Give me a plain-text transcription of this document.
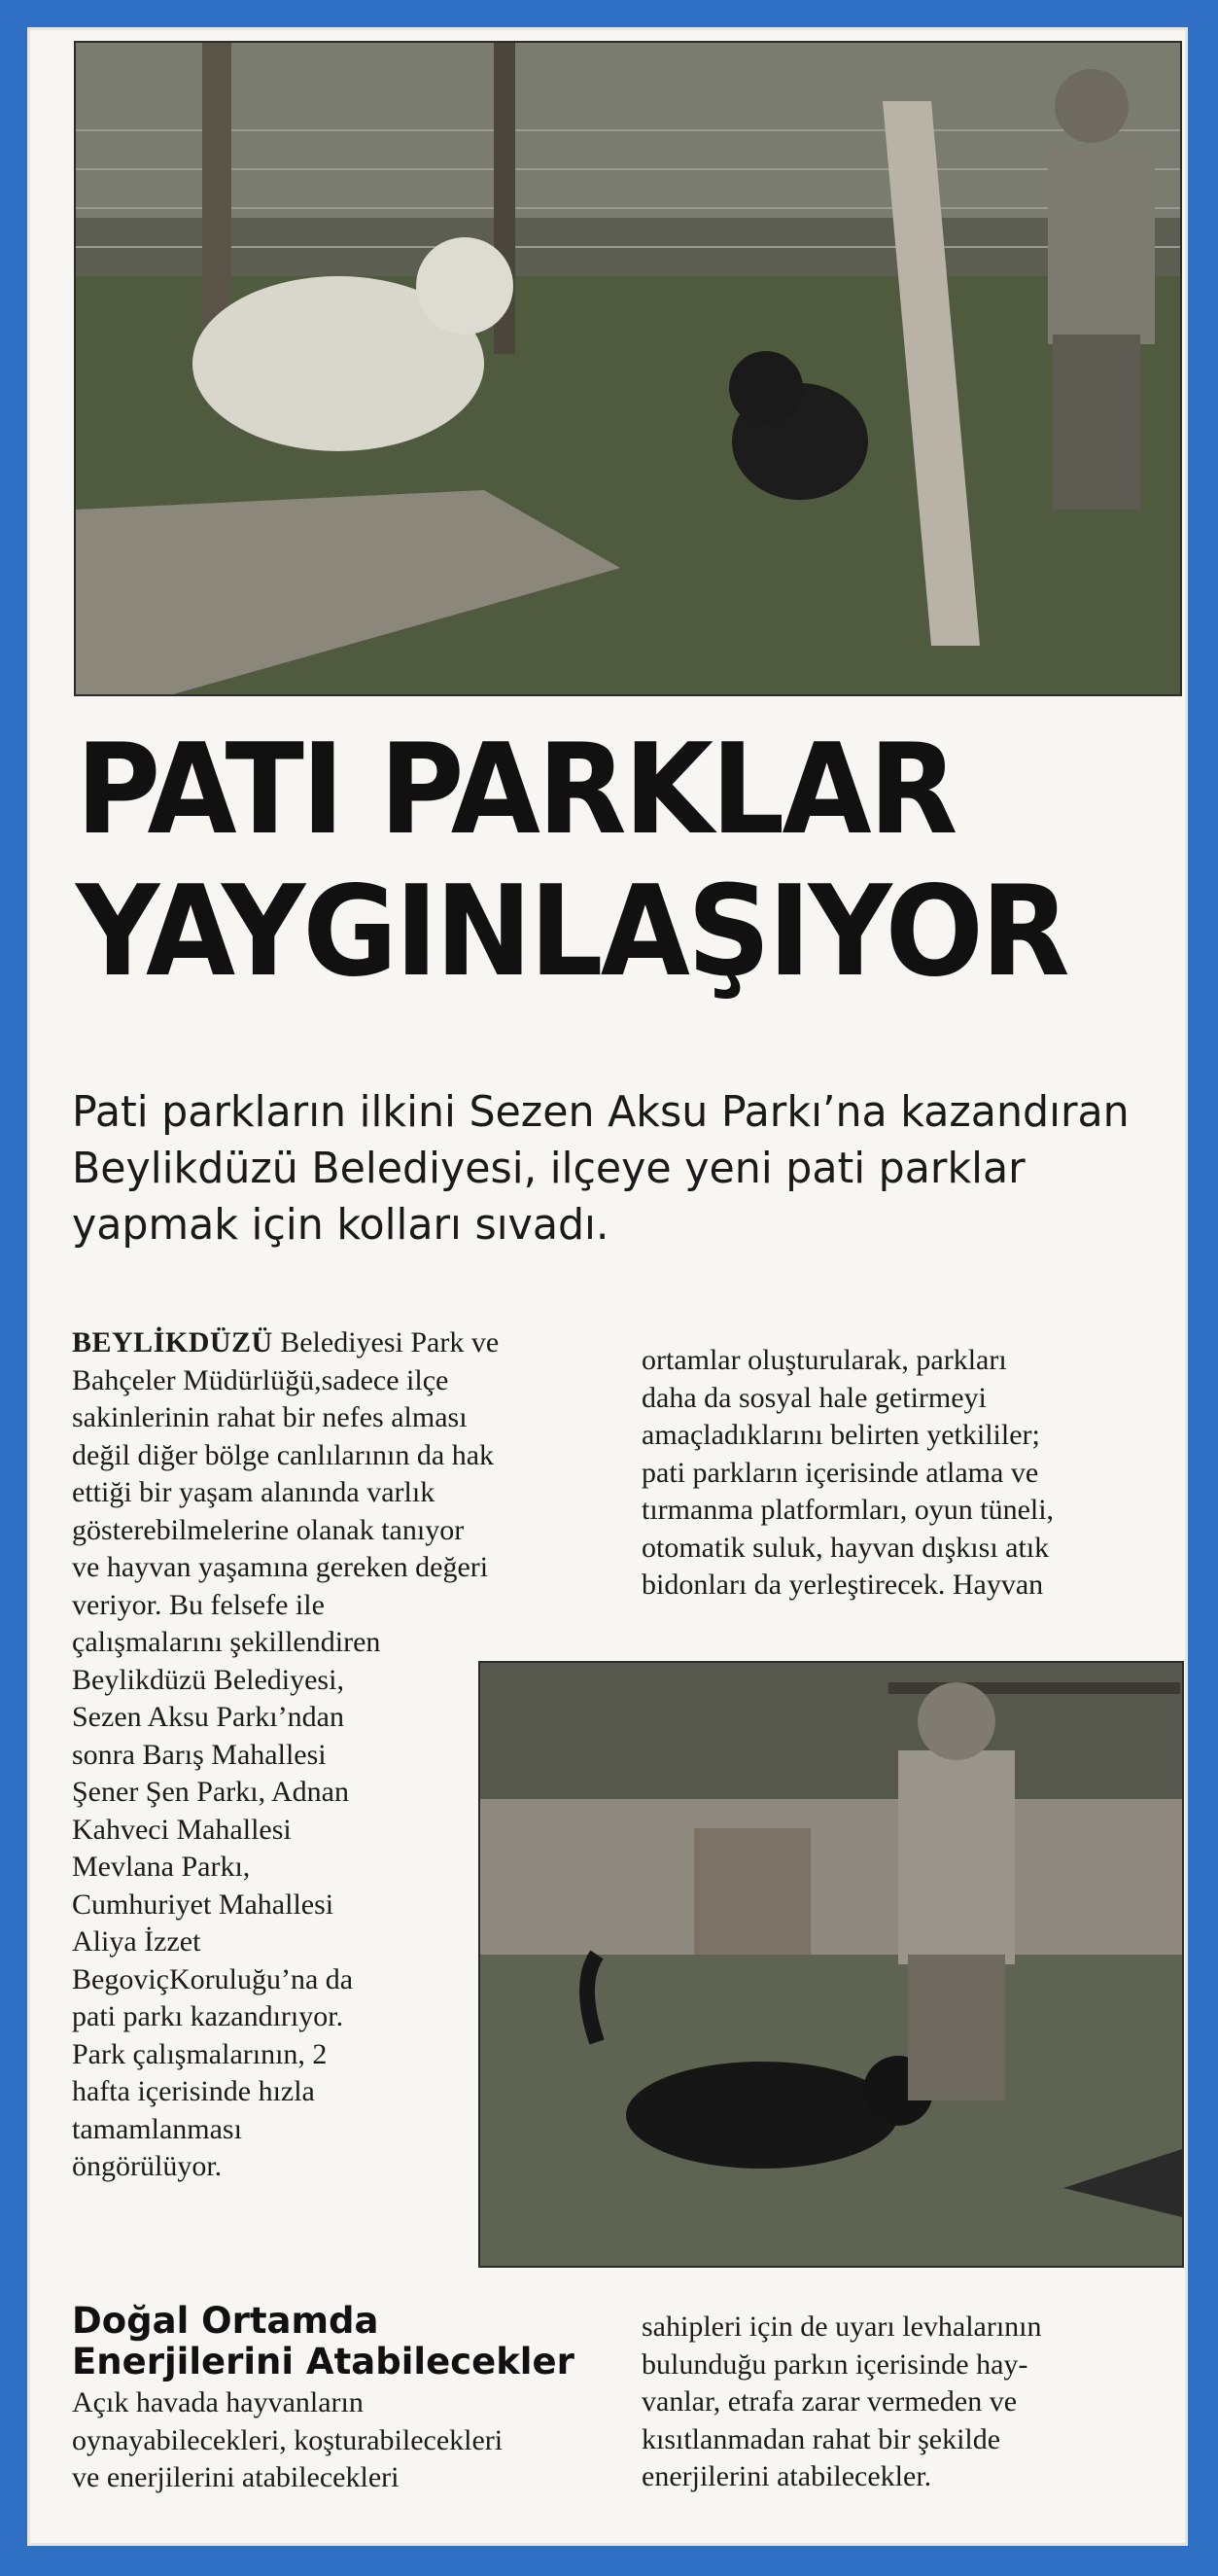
PATI PARKLAR
YAYGINLAŞIYOR
Pati parkların ilkini Sezen Aksu Parkı’na kazandıran Beylikdüzü Belediyesi, ilçeye yeni pati parklar yapmak için kolları sıvadı.
BEYLİKDÜZÜ Belediyesi Park ve
Bahçeler Müdürlüğü,sadece ilçe
sakinlerinin rahat bir nefes alması
değil diğer bölge canlılarının da hak
ettiği bir yaşam alanında varlık
gösterebilmelerine olanak tanıyor
ve hayvan yaşamına gereken değeri
veriyor. Bu felsefe ile
çalışmalarını şekillendiren
Beylikdüzü Belediyesi,
Sezen Aksu Parkı’ndan
sonra Barış Mahallesi
Şener Şen Parkı, Adnan
Kahveci Mahallesi
Mevlana Parkı,
Cumhuriyet Mahallesi
Aliya İzzet
BegoviçKoruluğu’na da
pati parkı kazandırıyor.
Park çalışmalarının, 2
hafta içerisinde hızla
tamamlanması
öngörülüyor.
ortamlar oluşturularak, parkları
daha da sosyal hale getirmeyi
amaçladıklarını belirten yetkililer;
pati parkların içerisinde atlama ve
tırmanma platformları, oyun tüneli,
otomatik suluk, hayvan dışkısı atık
bidonları da yerleştirecek. Hayvan
Doğal Ortamda
Enerjilerini Atabilecekler
Açık havada hayvanların
oynayabilecekleri, koşturabilecekleri
ve enerjilerini atabilecekleri
sahipleri için de uyarı levhalarının
bulunduğu parkın içerisinde hay-
vanlar, etrafa zarar vermeden ve
kısıtlanmadan rahat bir şekilde
enerjilerini atabilecekler.
